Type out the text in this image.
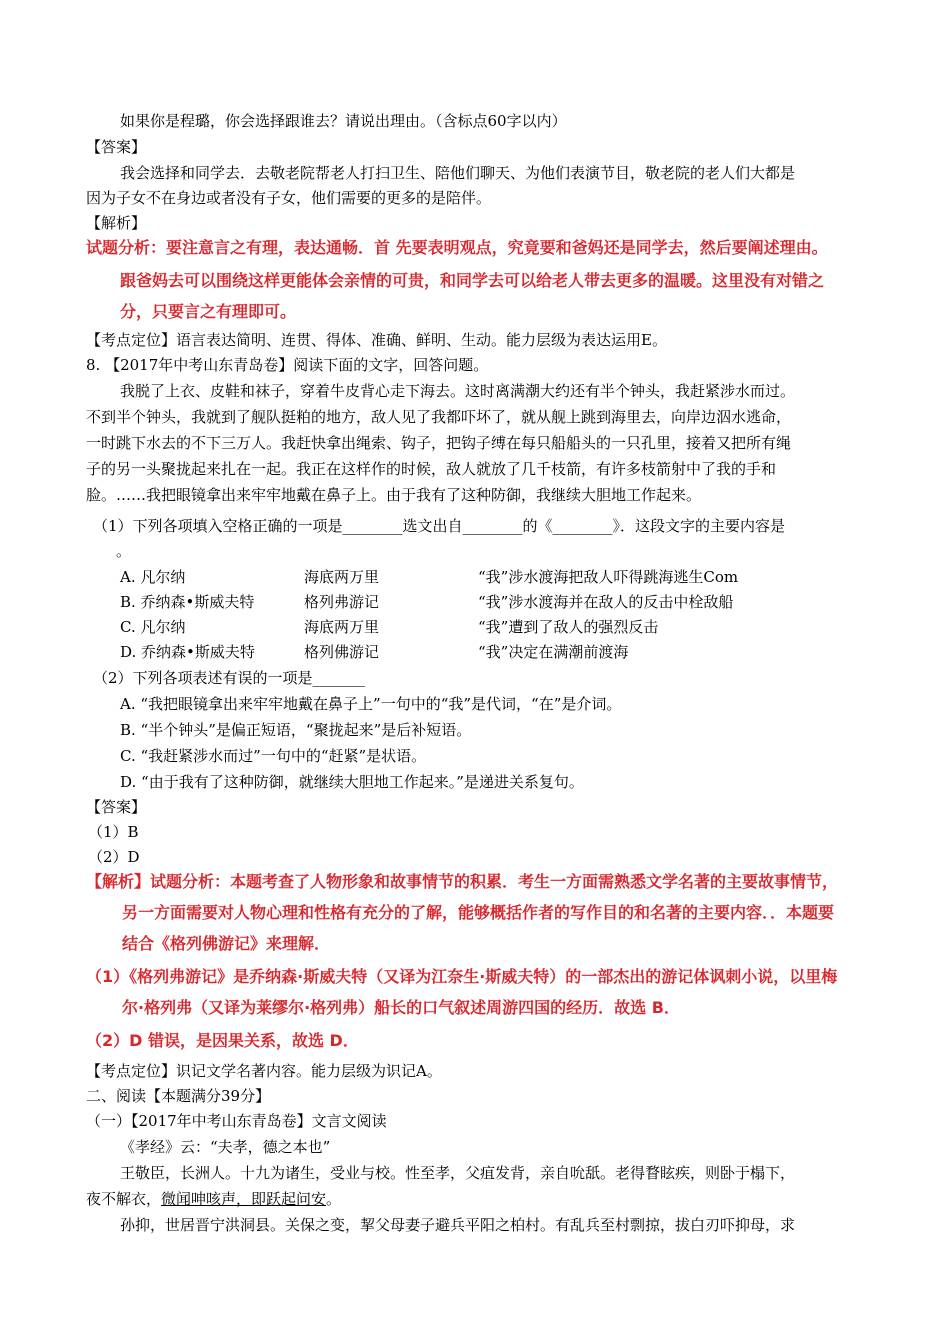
如果你是程璐，你会选择跟谁去？请说出理由。（含标点60字以内）
【答案】
我会选择和同学去．去敬老院帮老人打扫卫生、陪他们聊天、为他们表演节目，敬老院的老人们大都是
因为子女不在身边或者没有子女，他们需要的更多的是陪伴。
【解析】
试题分析：要注意言之有理，表达通畅．首 先要表明观点，究竟要和爸妈还是同学去，然后要阐述理由。
跟爸妈去可以围绕这样更能体会亲情的可贵，和同学去可以给老人带去更多的温暖。这里没有对错之
分，只要言之有理即可。
【考点定位】语言表达简明、连贯、得体、准确、鲜明、生动。能力层级为表达运用E。
8. 【2017年中考山东青岛卷】阅读下面的文字，回答问题。
我脱了上衣、皮鞋和袜子，穿着牛皮背心走下海去。这时离满潮大约还有半个钟头，我赶紧涉水而过。
不到半个钟头，我就到了舰队挺粕的地方，敌人见了我都吓坏了，就从舰上跳到海里去，向岸边泅水逃命，
一时跳下水去的不下三万人。我赶快拿出绳索、钩子，把钩子缚在每只船船头的一只孔里，接着又把所有绳
子的另一头聚拢起来扎在一起。我正在这样作的时候，敌人就放了几千枝箭，有许多枝箭射中了我的手和
脸。……我把眼镜拿出来牢牢地戴在鼻子上。由于我有了这种防御，我继续大胆地工作起来。
（1）下列各项填入空格正确的一项是________选文出自________的《________》．这段文字的主要内容是
。
A. 凡尔纳	海底两万里	“我”涉水渡海把敌人吓得跳海逃生Com
B. 乔纳森•斯威夫特	格列弗游记	“我”涉水渡海并在敌人的反击中栓敌船
C. 凡尔纳	海底两万里	“我”遭到了敌人的强烈反击
D. 乔纳森•斯威夫特	格列佛游记	“我”决定在满潮前渡海
（2）下列各项表述有误的一项是_______
A. “我把眼镜拿出来牢牢地戴在鼻子上”一句中的“我”是代词，“在”是介词。
B. “半个钟头”是偏正短语，“聚拢起来”是后补短语。
C. “我赶紧涉水而过”一句中的“赶紧”是状语。
D. “由于我有了这种防御，就继续大胆地工作起来。”是递进关系复句。
【答案】
（1）B
（2）D
【解析】试题分析：本题考查了人物形象和故事情节的积累．考生一方面需熟悉文学名著的主要故事情节，
另一方面需要对人物心理和性格有充分的了解，能够概括作者的写作目的和名著的主要内容．．本题要
结合《格列佛游记》来理解．
（1）《格列弗游记》是乔纳森·斯威夫特（又译为江奈生·斯威夫特）的一部杰出的游记体讽刺小说，以里梅
尔·格列弗（又译为莱缪尔·格列弗）船长的口气叙述周游四国的经历．故选 B．
（2）D 错误，是因果关系，故选 D．
【考点定位】识记文学名著内容。能力层级为识记A。
二、阅读【本题满分39分】
（一）【2017年中考山东青岛卷】文言文阅读
《孝经》云：“夫孝，德之本也”
王敬臣，长洲人。十九为诸生，受业与校。性至孝，父疽发背，亲自吮舐。老得瞀眩疾，则卧于榻下，
夜不解衣，微闻呻咳声，即跃起问安。
孙抑，世居晋宁洪洞县。关保之变，挈父母妻子避兵平阳之柏村。有乱兵至村剽掠，拔白刃吓抑母，求
